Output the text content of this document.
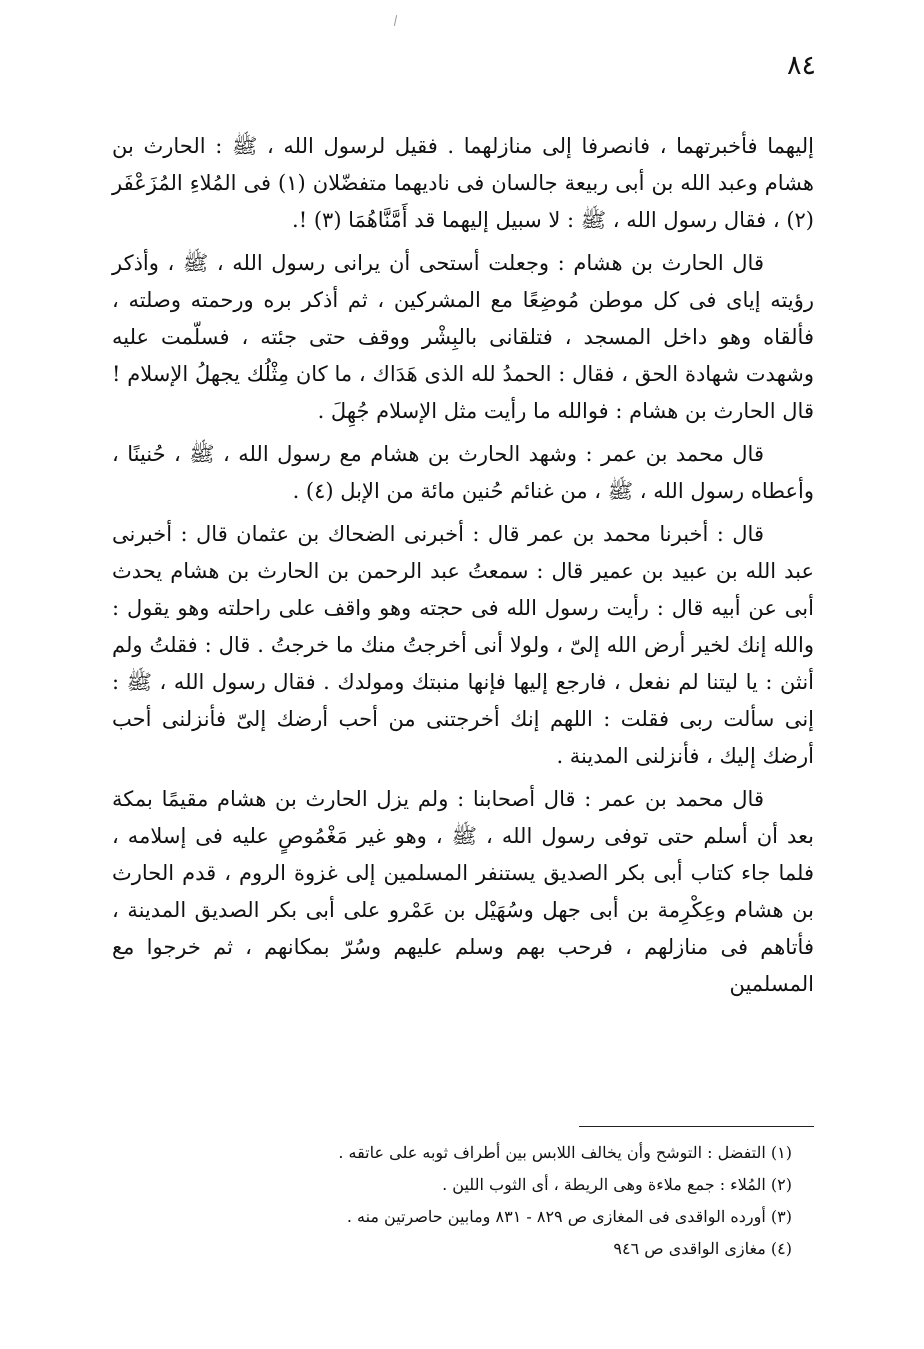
٨٤

إليهما فأخبرتهما ، فانصرفا إلى منازلهما . فقيل لرسول الله ، ﷺ : الحارث بن هشام وعبد الله بن أبى ربيعة جالسان فى ناديهما متفضّلان (١) فى المُلاءِ المُزَعْفَر (٢) ، فقال رسول الله ، ﷺ : لا سبيل إليهما قد أَمَّنَّاهُمَا (٣) !.

قال الحارث بن هشام : وجعلت أستحى أن يرانى رسول الله ، ﷺ ، وأذكر رؤيته إياى فى كل موطن مُوضِعًا مع المشركين ، ثم أذكر بره ورحمته وصلته ، فألقاه وهو داخل المسجد ، فتلقانى بالبِشْر ووقف حتى جئته ، فسلّمت عليه وشهدت شهادة الحق ، فقال : الحمدُ لله الذى هَدَاك ، ما كان مِثْلُك يجهلُ الإسلام ! قال الحارث بن هشام : فوالله ما رأيت مثل الإسلام جُهِلَ .

قال محمد بن عمر : وشهد الحارث بن هشام مع رسول الله ، ﷺ ، حُنينًا ، وأعطاه رسول الله ، ﷺ ، من غنائم حُنين مائة من الإبل (٤) .

قال : أخبرنا محمد بن عمر قال : أخبرنى الضحاك بن عثمان قال : أخبرنى عبد الله بن عبيد بن عمير قال : سمعتُ عبد الرحمن بن الحارث بن هشام يحدث أبى عن أبيه قال : رأيت رسول الله فى حجته وهو واقف على راحلته وهو يقول : والله إنك لخير أرض الله إلىّ ، ولولا أنى أخرجتُ منك ما خرجتُ . قال : فقلتُ ولم أنثن : يا ليتنا لم نفعل ، فارجع إليها فإنها منبتك ومولدك . فقال رسول الله ، ﷺ : إنى سألت ربى فقلت : اللهم إنك أخرجتنى من أحب أرضك إلىّ فأنزلنى أحب أرضك إليك ، فأنزلنى المدينة .

قال محمد بن عمر : قال أصحابنا : ولم يزل الحارث بن هشام مقيمًا بمكة بعد أن أسلم حتى توفى رسول الله ، ﷺ ، وهو غير مَغْمُوصٍ عليه فى إسلامه ، فلما جاء كتاب أبى بكر الصديق يستنفر المسلمين إلى غزوة الروم ، قدم الحارث بن هشام وعِكْرِمة بن أبى جهل وسُهَيْل بن عَمْرو على أبى بكر الصديق المدينة ، فأتاهم فى منازلهم ، فرحب بهم وسلم عليهم وسُرّ بمكانهم ، ثم خرجوا مع المسلمين

(١) التفضل : التوشح وأن يخالف اللابس بين أطراف ثوبه على عاتقه .
(٢) المُلاء : جمع ملاءة وهى الريطة ، أى الثوب اللين .
(٣) أورده الواقدى فى المغازى ص ٨٢٩ - ٨٣١ ومابين حاصرتين منه .
(٤) مغازى الواقدى ص ٩٤٦
